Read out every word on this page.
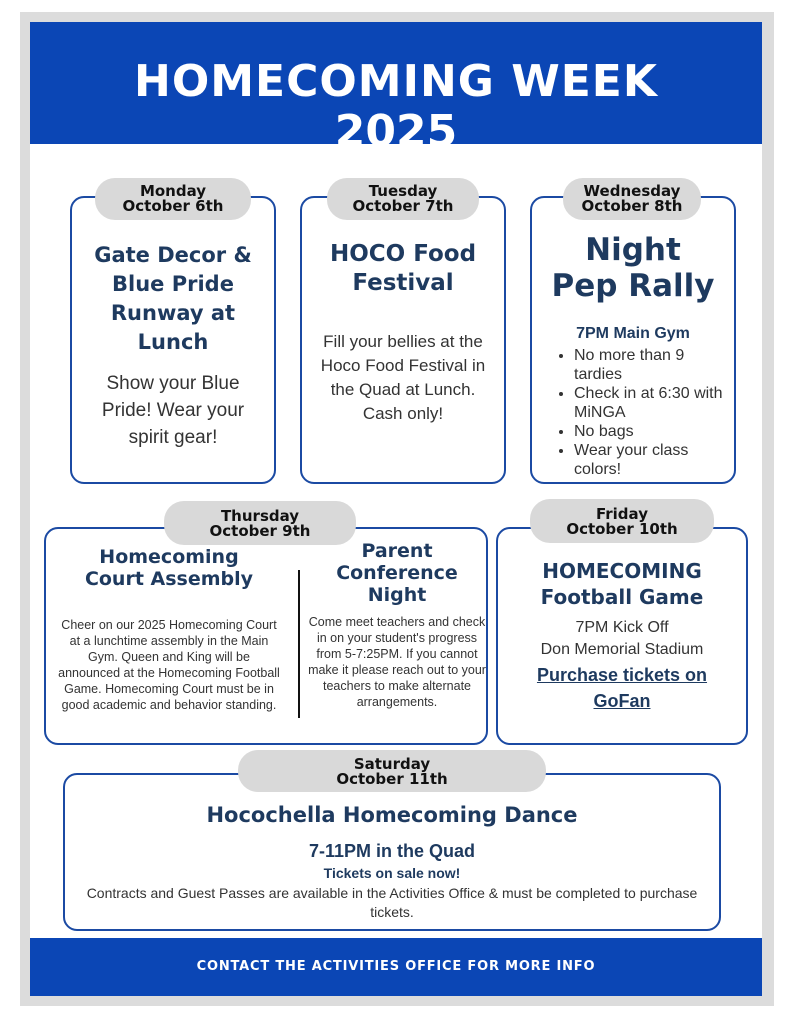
HOMECOMING WEEK
2025
Monday
October 6th
Gate Decor & Blue Pride Runway at Lunch
Show your Blue Pride! Wear your spirit gear!
Tuesday
October 7th
HOCO Food Festival
Fill your bellies at the Hoco Food Festival in the Quad at Lunch.
Cash only!
Wednesday
October 8th
Night
Pep Rally
7PM Main Gym
• No more than 9 tardies
• Check in at 6:30 with MiNGA
• No bags
• Wear your class colors!
Thursday
October 9th
Homecoming Court Assembly
Cheer on our 2025 Homecoming Court at a lunchtime assembly in the Main Gym. Queen and King will be announced at the Homecoming Football Game. Homecoming Court must be in good academic and behavior standing.
Parent Conference Night
Come meet teachers and check in on your student's progress from 5-7:25PM. If you cannot make it please reach out to your teachers to make alternate arrangements.
Friday
October 10th
HOMECOMING
Football Game
7PM Kick Off
Don Memorial Stadium
Purchase tickets on GoFan
Saturday
October 11th
Hocochella Homecoming Dance
7-11PM in the Quad
Tickets on sale now!
Contracts and Guest Passes are available in the Activities Office & must be completed to purchase tickets.
CONTACT THE ACTIVITIES OFFICE FOR MORE INFO
